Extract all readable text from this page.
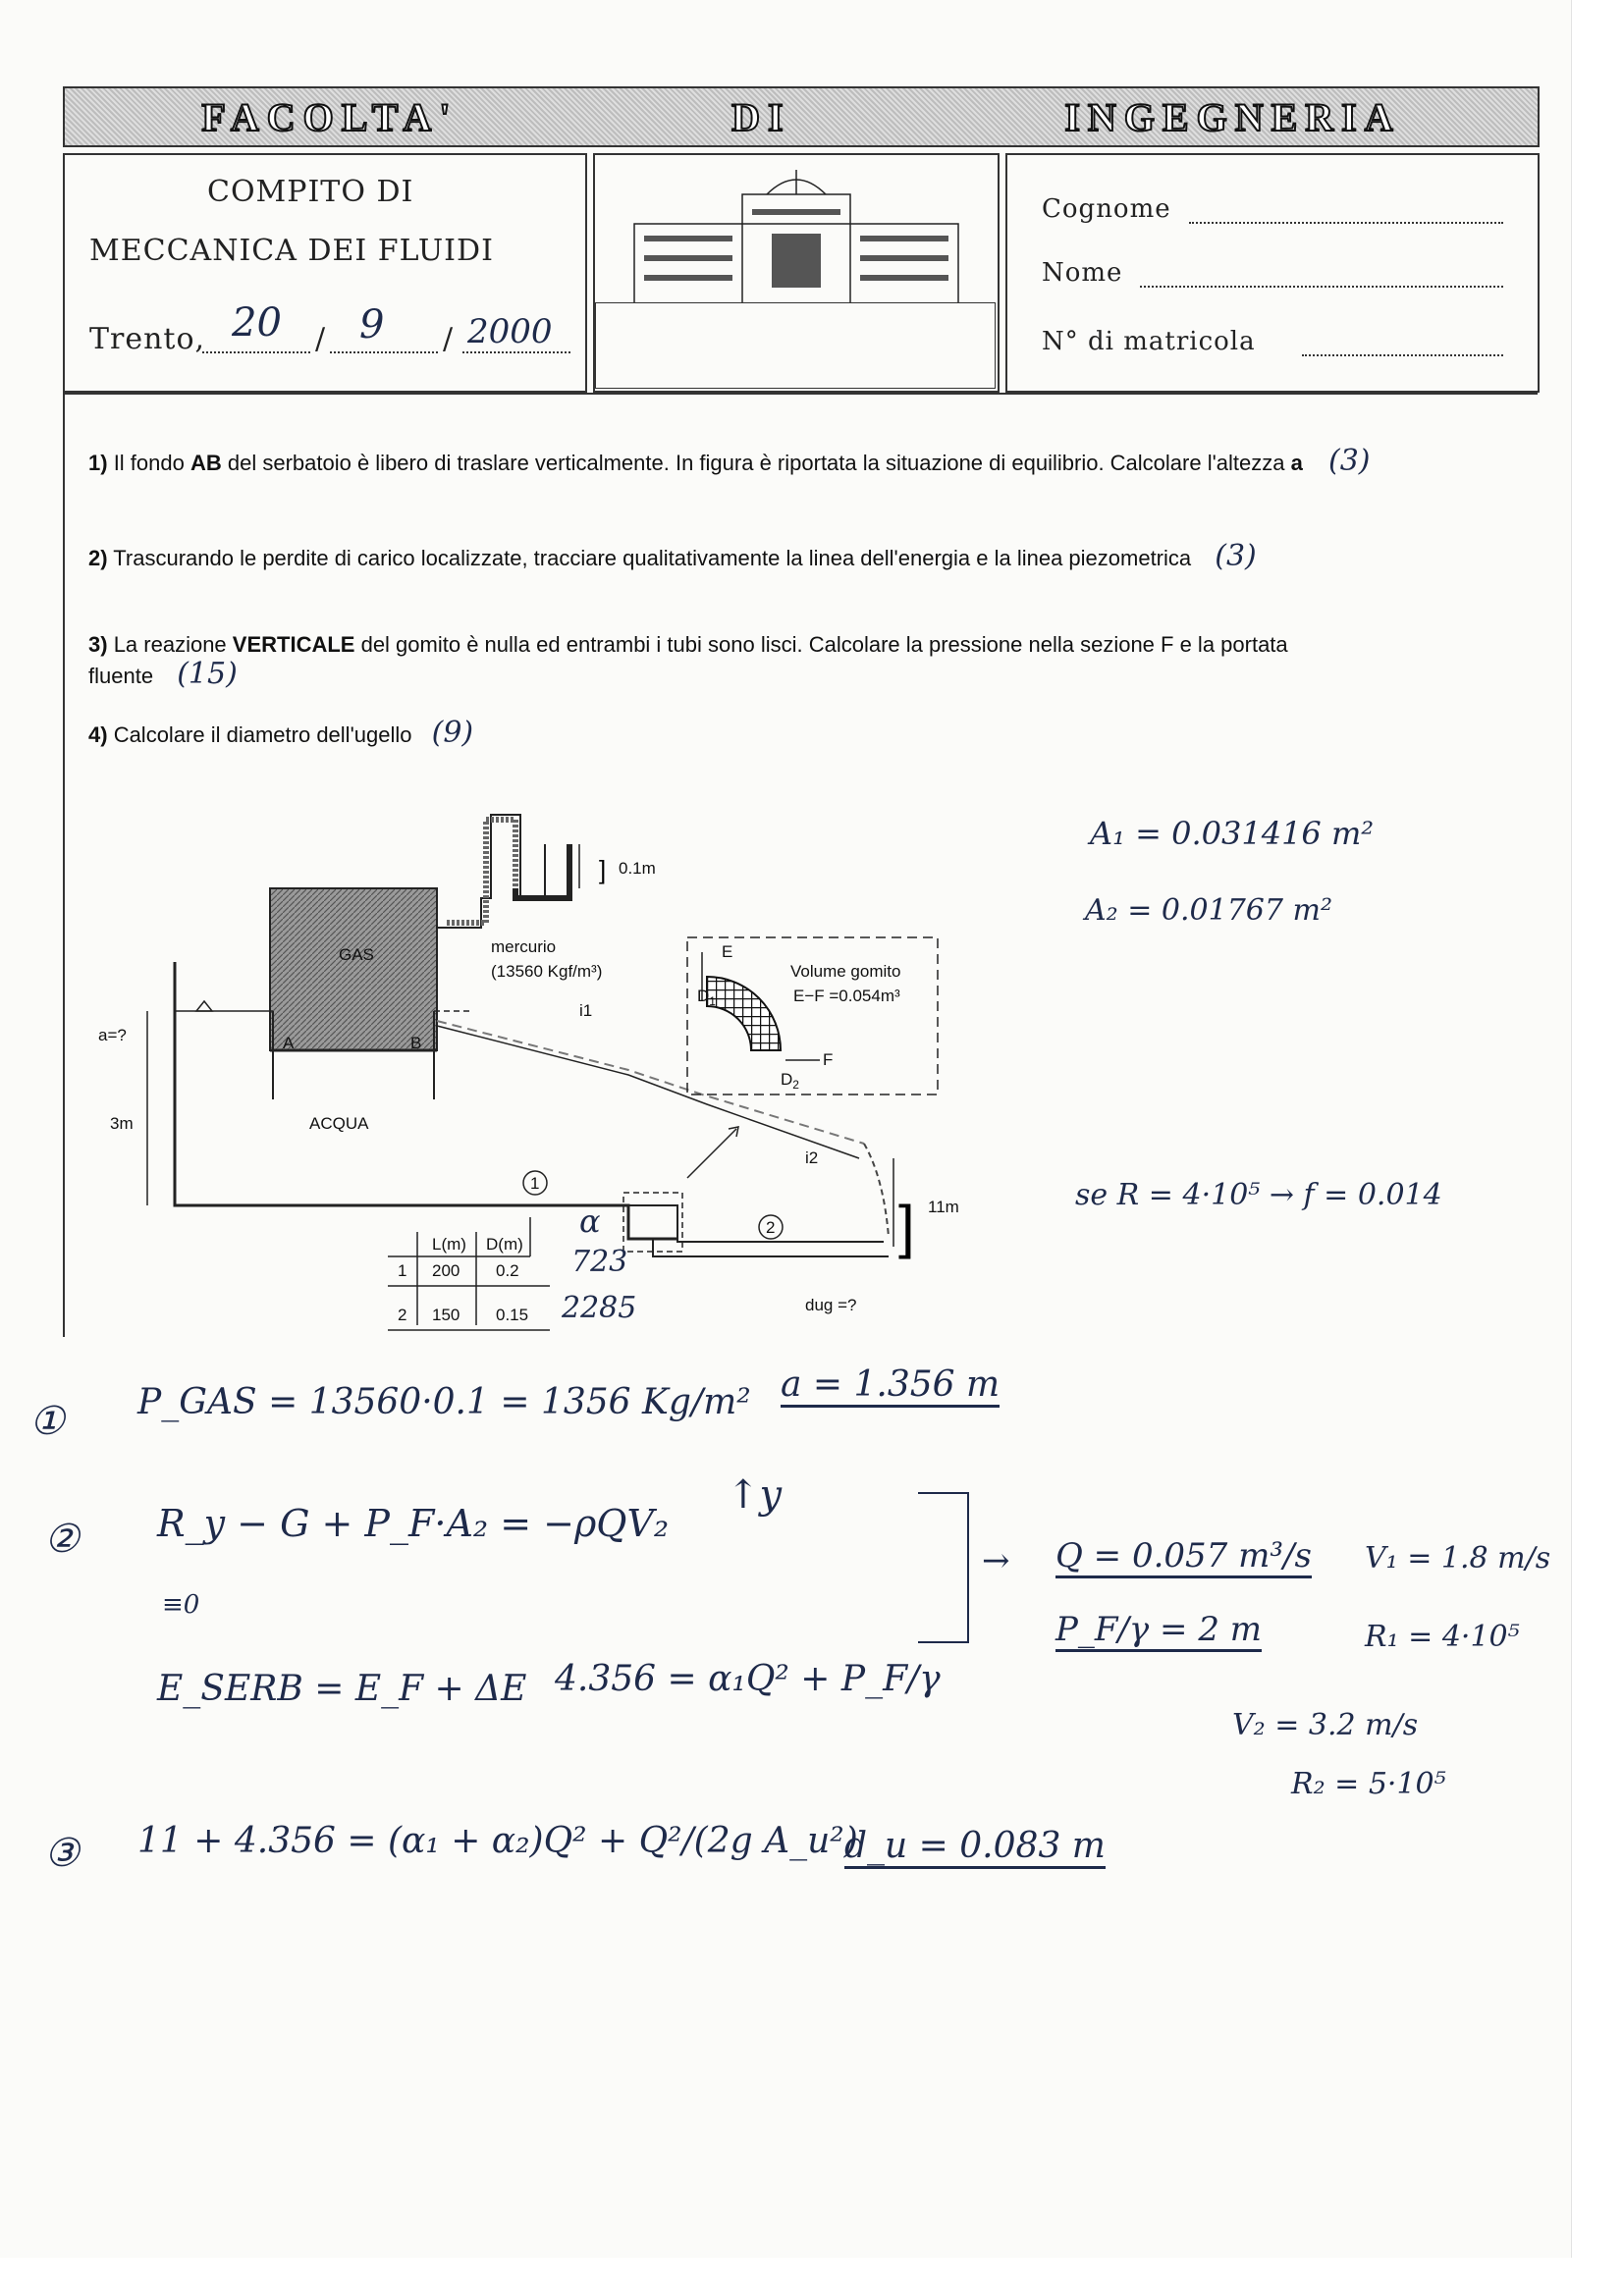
FACOLTA'	DI	INGEGNERIA
COMPITO DI
MECCANICA DEI FLUIDI
Trento, 20 / 9 / 2000
Cognome
Nome
N° di matricola
1) Il fondo AB del serbatoio è libero di traslare verticalmente. In figura è riportata la situazione di equilibrio. Calcolare l'altezza a (3)
2) Trascurando le perdite di carico localizzate, tracciare qualitativamente la linea dell'energia e la linea piezometrica (3)
3) La reazione VERTICALE del gomito è nulla ed entrambi i tubi sono lisci. Calcolare la pressione nella sezione F e la portata fluente (15)
4) Calcolare il diametro dell'ugello (9)
GAS
A	B
ACQUA
a=?
3m
0.1m
]
mercurio
(13560 Kgf/m³)
i1
i2
1
2 ] 11m
dug =?
E
F
$D_1$
$D_2$
Volume gomito
E−F =0.054m³
L(m) D(m)
1 200 0.2
2 150 0.15
α
723
2285
A₁ = 0.031416 m²
A₂ = 0.01767 m²
se R = 4·10⁵ → f = 0.014
① P_GAS = 13560·0.1 = 1356 Kg/m² a = 1.356 m
② R_y − G + P_F·A₂ = −ρQV₂
≡0
↑y
E_SERB = E_F + ΔE 4.356 = α₁Q² + P_F/γ
→ Q = 0.057 m³/s V₁ = 1.8 m/s
P_F/γ = 2 m	R₁ = 4·10⁵
V₂ = 3.2 m/s
R₂ = 5·10⁵
③ 11 + 4.356 = (α₁ + α₂)Q² + Q²/(2g A_u²)
d_u = 0.083 m
